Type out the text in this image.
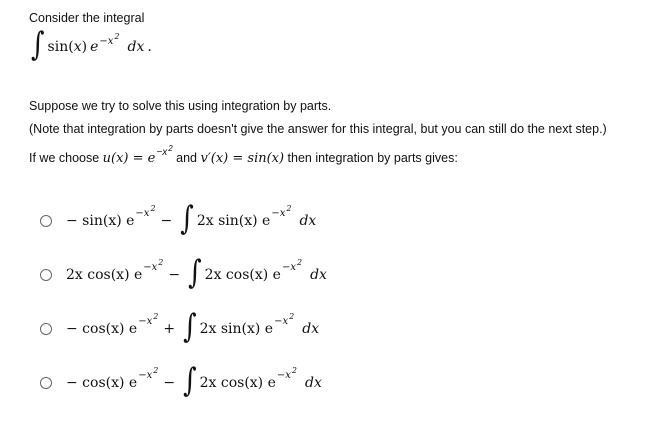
Consider the integral
∫ sin(x) $e^{-x2}dx$ .
Suppose we try to solve this using integration by parts.
(Note that integration by parts doesn't give the answer for this integral, but you can still do the next step.)
If we choose $u(x) = e^{-x2}$ and v′(x) = sin(x) then integration by parts gives:
− sin(x) e −x 2
− ∫ 2x sin(x) e −x 2
dx
2x cos(x) e −x 2
− ∫ 2x cos(x) e −x 2
dx
− cos(x) e −x 2
+ ∫ 2x sin(x) e −x 2
dx
− cos(x) e −x 2
− ∫ 2x cos(x) e −x 2
dx
